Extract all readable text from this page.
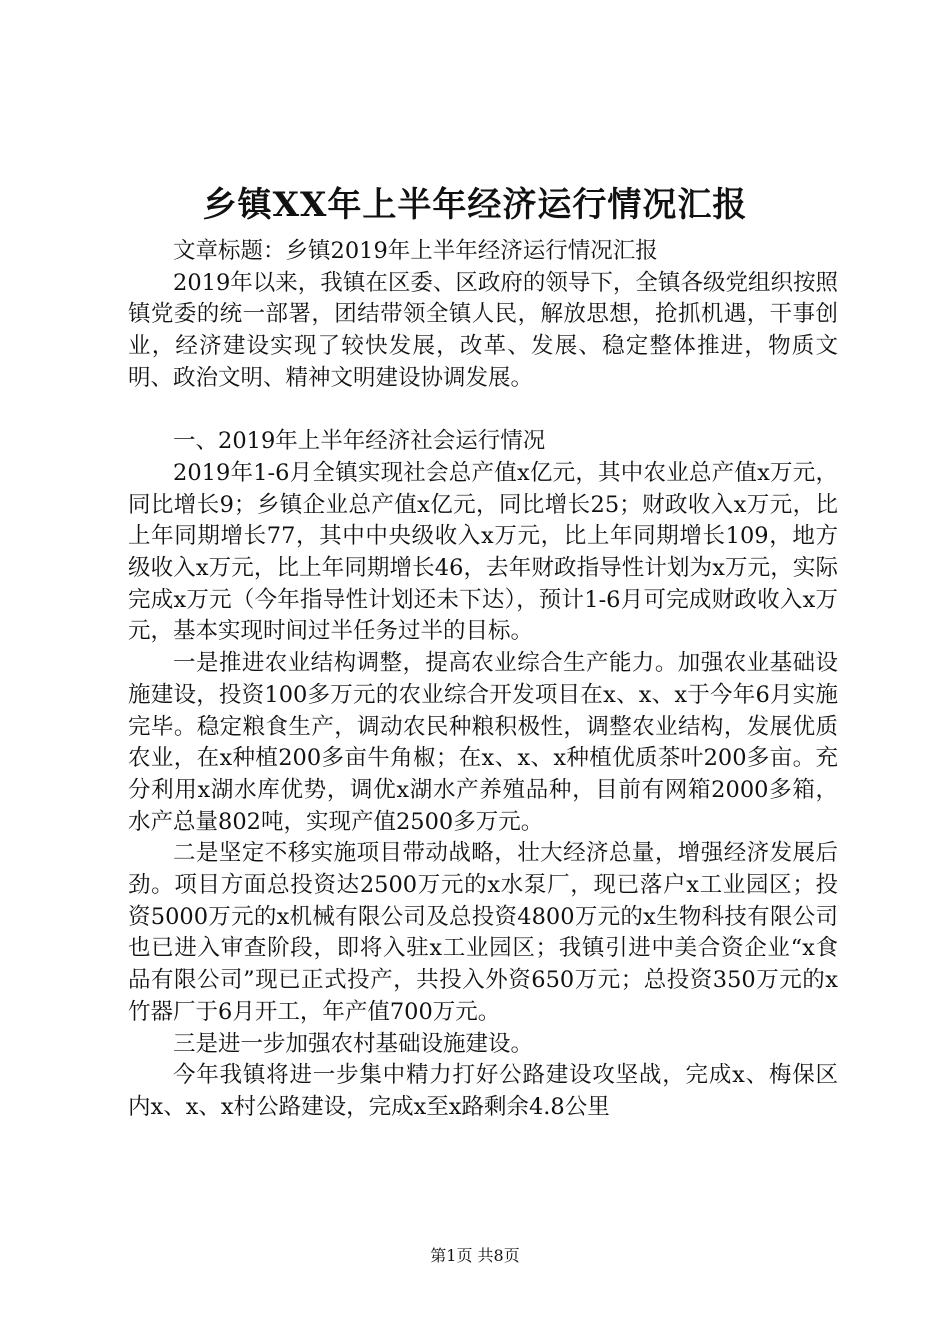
乡镇XX年上半年经济运行情况汇报

文章标题：乡镇2019年上半年经济运行情况汇报

2019年以来，我镇在区委、区政府的领导下，全镇各级党组织按照镇党委的统一部署，团结带领全镇人民，解放思想，抢抓机遇，干事创业，经济建设实现了较快发展，改革、发展、稳定整体推进，物质文明、政治文明、精神文明建设协调发展。

一、2019年上半年经济社会运行情况

2019年1-6月全镇实现社会总产值x亿元，其中农业总产值x万元，同比增长9；乡镇企业总产值x亿元，同比增长25；财政收入x万元，比上年同期增长77，其中中央级收入x万元，比上年同期增长109，地方级收入x万元，比上年同期增长46，去年财政指导性计划为x万元，实际完成x万元（今年指导性计划还未下达），预计1-6月可完成财政收入x万元，基本实现时间过半任务过半的目标。

一是推进农业结构调整，提高农业综合生产能力。加强农业基础设施建设，投资100多万元的农业综合开发项目在x、x、x于今年6月实施完毕。稳定粮食生产，调动农民种粮积极性，调整农业结构，发展优质农业，在x种植200多亩牛角椒；在x、x、x种植优质茶叶200多亩。充分利用x湖水库优势，调优x湖水产养殖品种，目前有网箱2000多箱，水产总量802吨，实现产值2500多万元。

二是坚定不移实施项目带动战略，壮大经济总量，增强经济发展后劲。项目方面总投资达2500万元的x水泵厂，现已落户x工业园区；投资5000万元的x机械有限公司及总投资4800万元的x生物科技有限公司也已进入审查阶段，即将入驻x工业园区；我镇引进中美合资企业“x食品有限公司”现已正式投产，共投入外资650万元；总投资350万元的x竹器厂于6月开工，年产值700万元。

三是进一步加强农村基础设施建设。

今年我镇将进一步集中精力打好公路建设攻坚战，完成x、梅保区内x、x、x村公路建设，完成x至x路剩余4.8公里

第1页 共8页
